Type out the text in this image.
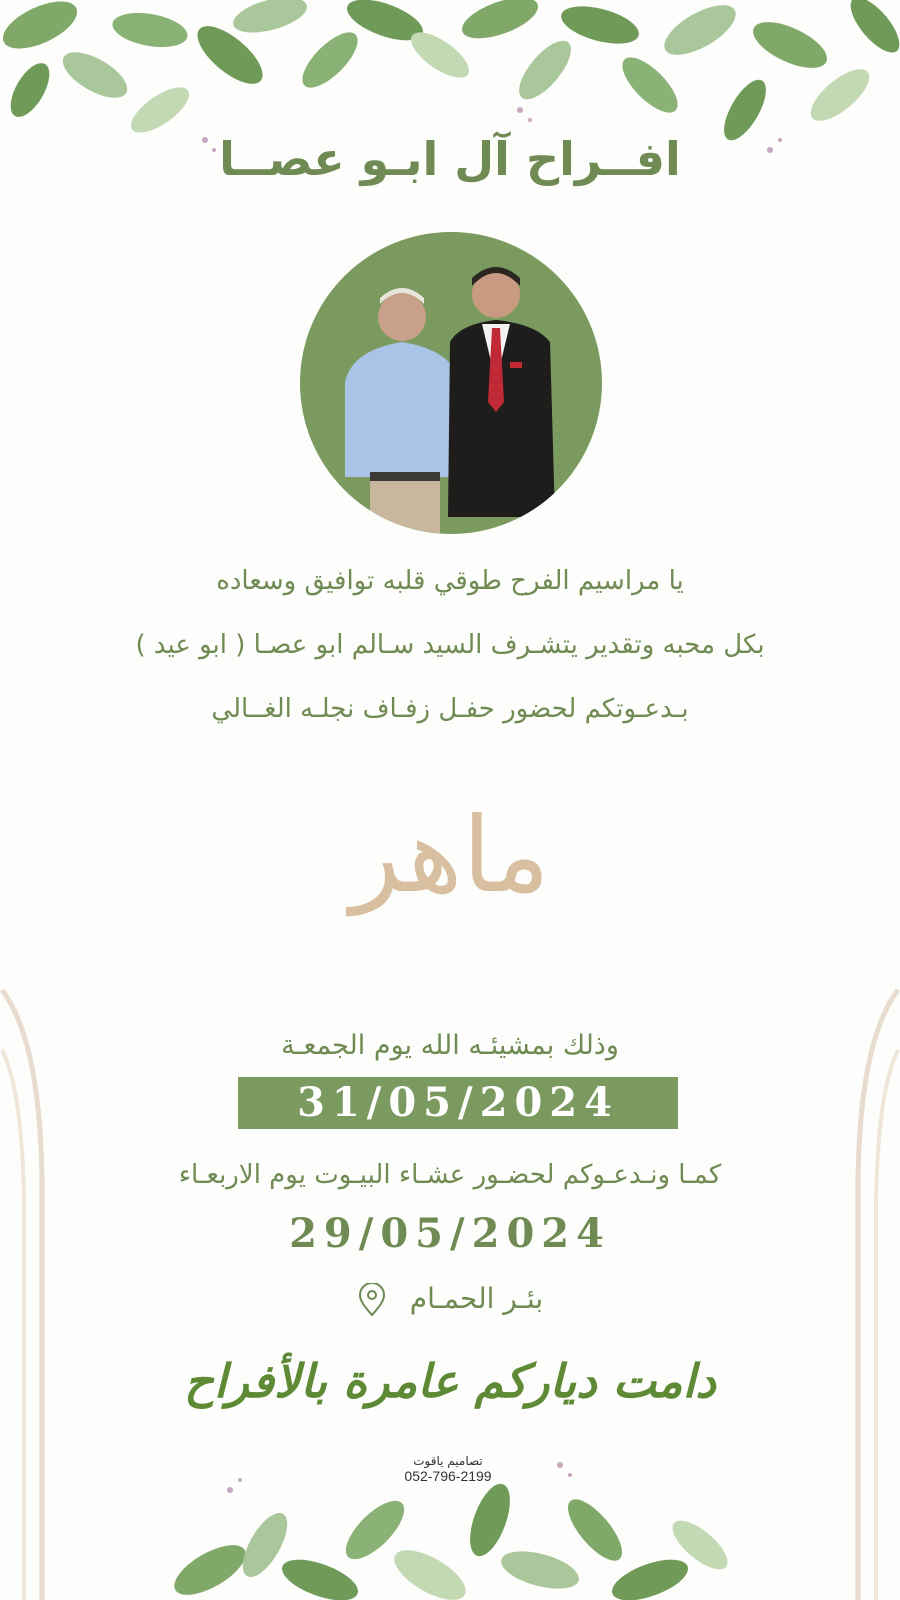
افــراح آل ابـو عصــا
يا مراسيم الفرح طوقي قلبه توافيق وسعاده
بكل محبه وتقدير يتشـرف السيد سـالم ابو عصـا ( ابو عيد )
بـدعـوتكم لحضور حفـل زفـاف نجلـه الغــالي
ماهر
وذلك بمشيئـه الله يوم الجمعـة
31/05/2024
كمـا ونـدعـوكم لحضـور عشـاء البيـوت يوم الاربعـاء
29/05/2024
بئـر الحمـام
دامت دياركم عامرة بالأفراح
تصاميم ياقوت
052-796-2199
